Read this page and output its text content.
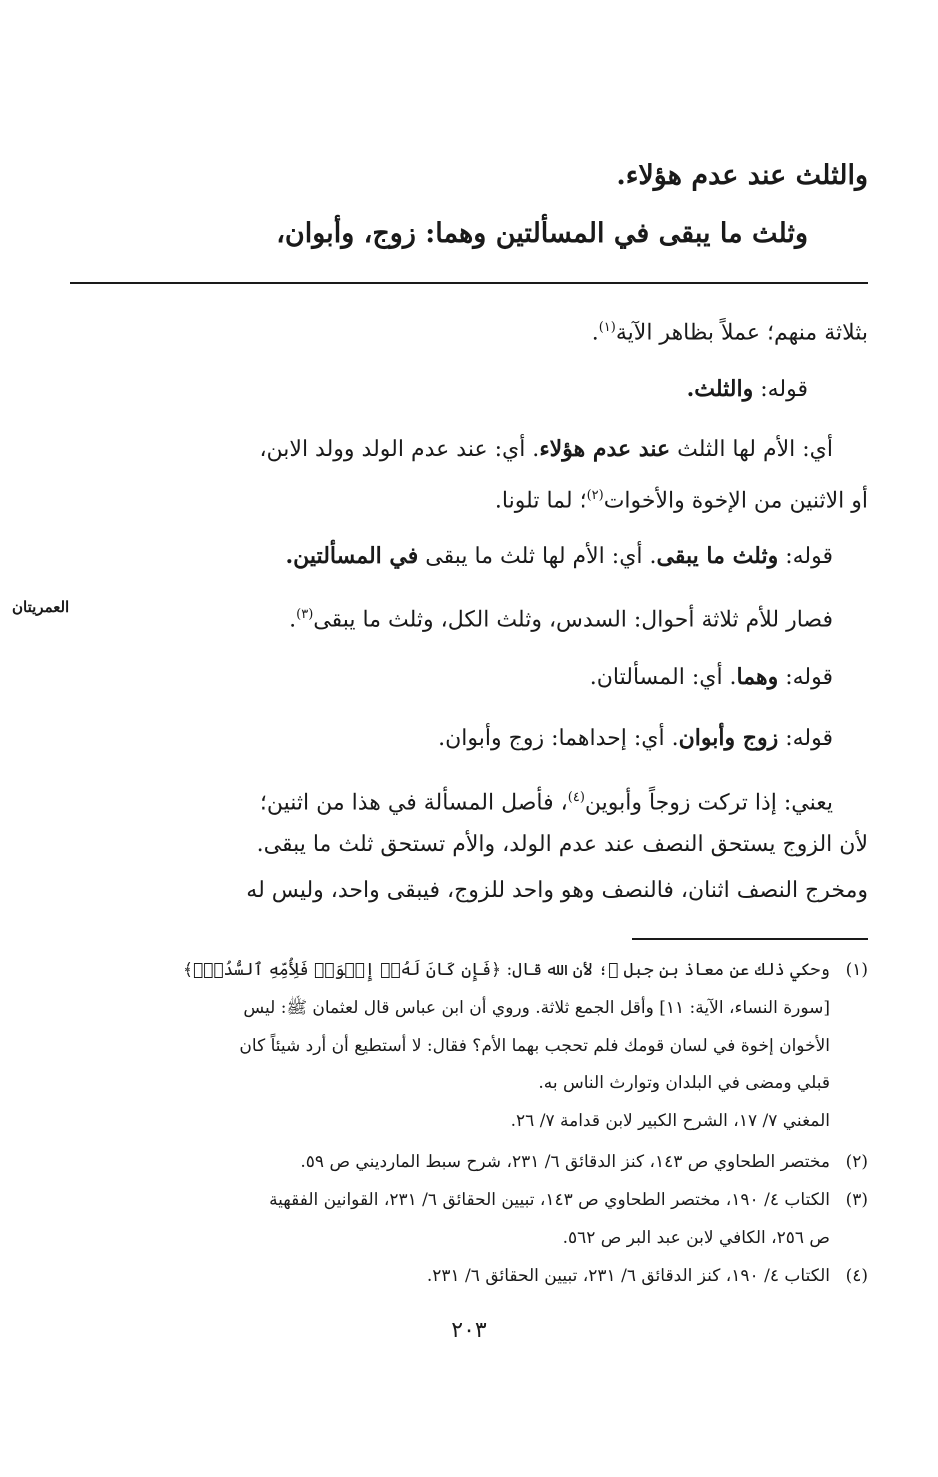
والثلث عند عدم هؤلاء.
وثلث ما يبقى في المسألتين وهما: زوج، وأبوان،
العمريتان
بثلاثة منهم؛ عملاً بظاهر الآية$^{(١)}$.
قوله: والثلث.
أي: الأم لها الثلث عند عدم هؤلاء. أي: عند عدم الولد وولد الابن،
أو الاثنين من الإخوة والأخوات$^{(٢)}$؛ لما تلونا.
قوله: وثلث ما يبقى. أي: الأم لها ثلث ما يبقى في المسألتين.
فصار للأم ثلاثة أحوال: السدس، وثلث الكل، وثلث ما يبقى$^{(٣)}$.
قوله: وهما. أي: المسألتان.
قوله: زوج وأبوان. أي: إحداهما: زوج وأبوان.
يعني: إذا تركت زوجاً وأبوين$^{(٤)}$، فأصل المسألة في هذا من اثنين؛
لأن الزوج يستحق النصف عند عدم الولد، والأم تستحق ثلث ما يبقى.
ومخرج النصف اثنان، فالنصف وهو واحد للزوج، فيبقى واحد، وليس له
(١)
وحكي ذلك عن معاذ بن جبل ﷺ؛ لأن الله قال: ﴿فَإِن كَانَ لَهُۥٓ إِخۡوَةٞ فَلِأُمِّهِ ٱلسُّدُسُۚ﴾
[سورة النساء، الآية: ١١] وأقل الجمع ثلاثة. وروي أن ابن عباس قال لعثمان ﷺ: ليس
الأخوان إخوة في لسان قومك فلم تحجب بهما الأم؟ فقال: لا أستطيع أن أرد شيئاً كان
قبلي ومضى في البلدان وتوارث الناس به.
المغني ٧/ ١٧، الشرح الكبير لابن قدامة ٧/ ٢٦.
(٢)
مختصر الطحاوي ص ١٤٣، كنز الدقائق ٦/ ٢٣١، شرح سبط المارديني ص ٥٩.
(٣)
الكتاب ٤/ ١٩٠، مختصر الطحاوي ص ١٤٣، تبيين الحقائق ٦/ ٢٣١، القوانين الفقهية
ص ٢٥٦، الكافي لابن عبد البر ص ٥٦٢.
(٤)
الكتاب ٤/ ١٩٠، كنز الدقائق ٦/ ٢٣١، تبيين الحقائق ٦/ ٢٣١.
٢٠٣
